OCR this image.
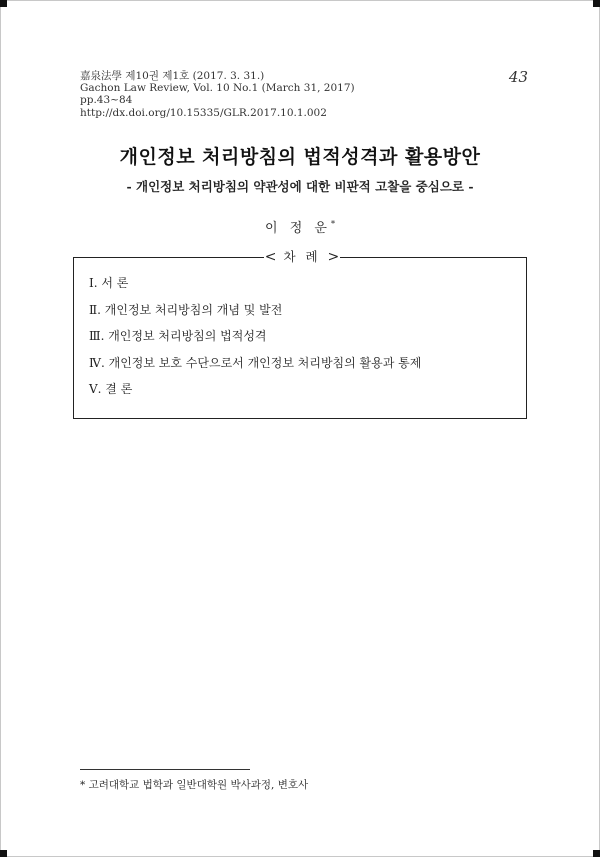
嘉泉法學 제10권 제1호 (2017. 3. 31.)
Gachon Law Review, Vol. 10 No.1 (March 31, 2017)
pp.43~84
http://dx.doi.org/10.15335/GLR.2017.10.1.002
43
개인정보 처리방침의 법적성격과 활용방안
- 개인정보 처리방침의 약관성에 대한 비판적 고찰을 중심으로 -
이 정 운*
< 차 례 >
Ⅰ. 서 론
Ⅱ. 개인정보 처리방침의 개념 및 발전
Ⅲ. 개인정보 처리방침의 법적성격
Ⅳ. 개인정보 보호 수단으로서 개인정보 처리방침의 활용과 통제
Ⅴ. 결 론
* 고려대학교 법학과 일반대학원 박사과정, 변호사
